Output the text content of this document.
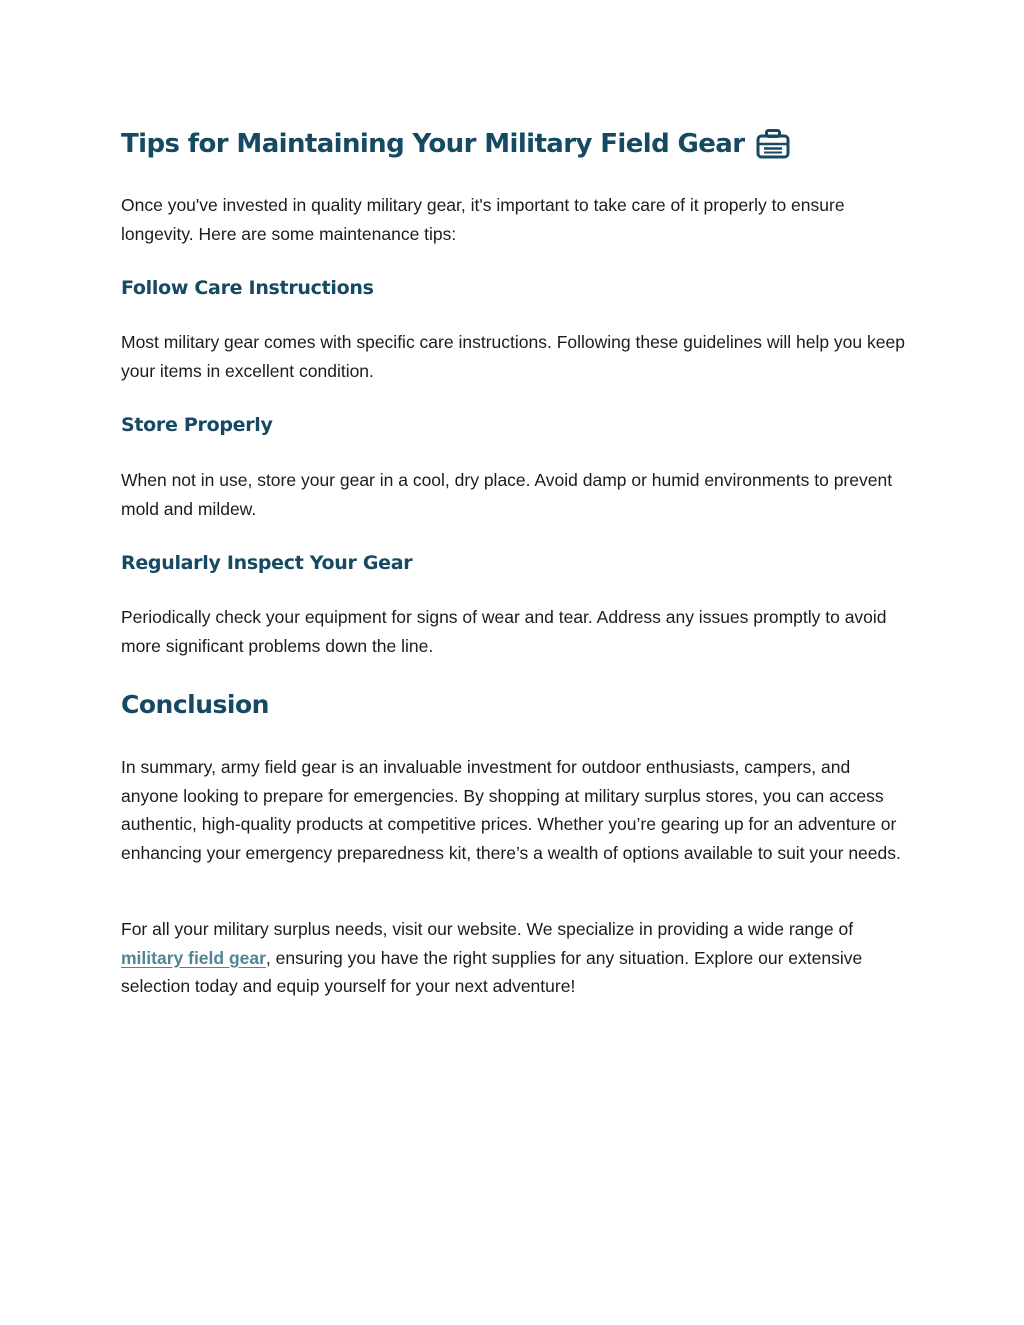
Tips for Maintaining Your Military Field Gear

Once you've invested in quality military gear, it's important to take care of it properly to ensure longevity. Here are some maintenance tips:

Follow Care Instructions

Most military gear comes with specific care instructions. Following these guidelines will help you keep your items in excellent condition.

Store Properly

When not in use, store your gear in a cool, dry place. Avoid damp or humid environments to prevent mold and mildew.

Regularly Inspect Your Gear

Periodically check your equipment for signs of wear and tear. Address any issues promptly to avoid more significant problems down the line.

Conclusion

In summary, army field gear is an invaluable investment for outdoor enthusiasts, campers, and anyone looking to prepare for emergencies. By shopping at military surplus stores, you can access authentic, high-quality products at competitive prices. Whether you’re gearing up for an adventure or enhancing your emergency preparedness kit, there’s a wealth of options available to suit your needs.

For all your military surplus needs, visit our website. We specialize in providing a wide range of military field gear, ensuring you have the right supplies for any situation. Explore our extensive selection today and equip yourself for your next adventure!
